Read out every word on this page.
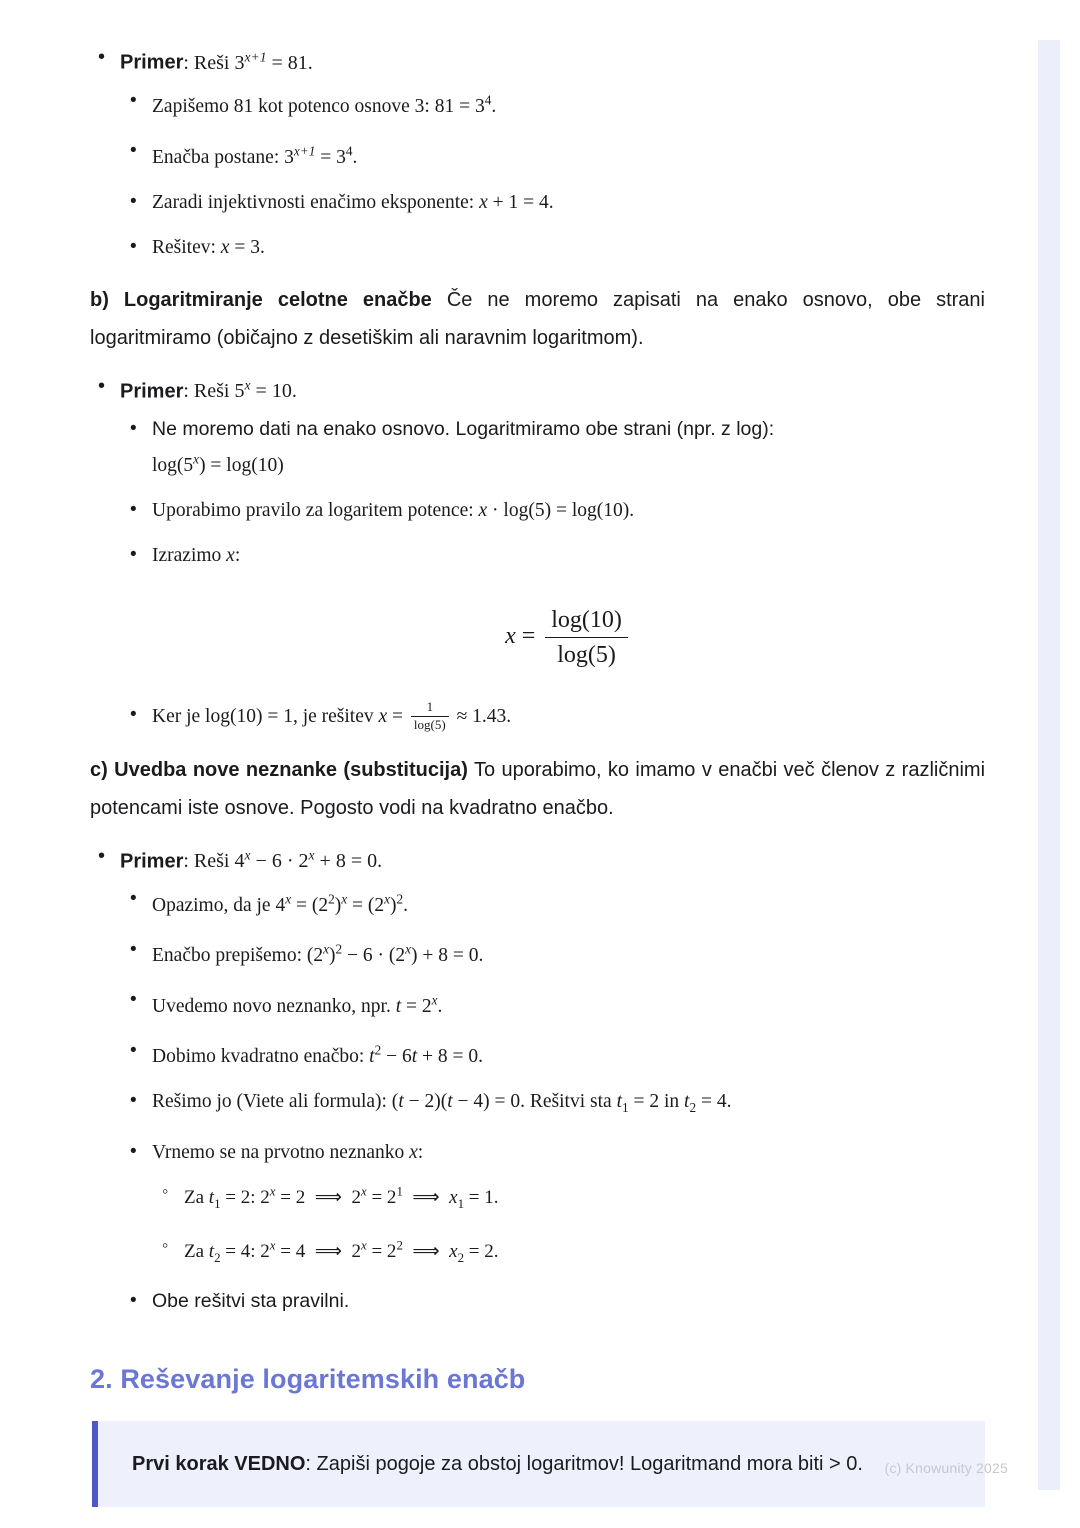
• Primer: Reši $3^{x+1} = 81$.
• Zapišemo 81 kot potenco osnove 3: $81 = 3^4$.
• Enačba postane: $3^{x+1} = 3^4$.
• Zaradi injektivnosti enačimo eksponente: x + 1 = 4.
• Rešitev: x = 3.

b) Logaritmiranje celotne enačbe Če ne moremo zapisati na enako osnovo, obe strani logaritmiramo (običajno z desetiškim ali naravnim logaritmom).

• Primer: Reši $5^x = 10$.
• Ne moremo dati na enako osnovo. Logaritmiramo obe strani (npr. z log):
$\log(5^x) = \log(10)$
• Uporabimo pravilo za logaritem potence: x · log(5) = log(10).
• Izrazimo x:
$x = \frac{\log(10)}{\log(5)}$
• Ker je log(10) = 1, je rešitev $x = \frac{1}{\log(5)} \approx 1.43$.

c) Uvedba nove neznanke (substitucija) To uporabimo, ko imamo v enačbi več členov z različnimi potencami iste osnove. Pogosto vodi na kvadratno enačbo.

• Primer: Reši $4^x - 6 \cdot 2^x + 8 = 0$.
• Opazimo, da je $4^x = (2^2)^x = (2^x)^2$.
• Enačbo prepišemo: $(2^x)^2 - 6 \cdot (2^x) + 8 = 0$.
• Uvedemo novo neznanko, npr. $t = 2^x$.
• Dobimo kvadratno enačbo: $t^2 - 6t + 8 = 0$.
• Rešimo jo (Viete ali formula): (t − 2)(t − 4) = 0. Rešitvi sta $t_1 = 2$ in $t_2 = 4$.
• Vrnemo se na prvotno neznanko x:
◦ Za $t_1 = 2$: $2^x = 2$  ⟹  $2^x = 2^1$  ⟹  $x_1 = 1$.
◦ Za $t_2 = 4$: $2^x = 4$  ⟹  $2^x = 2^2$  ⟹  $x_2 = 2$.
• Obe rešitvi sta pravilni.
2. Reševanje logaritemskih enačb
Prvi korak VEDNO: Zapiši pogoje za obstoj logaritmov! Logaritmand mora biti > 0.	(c) Knowunity 2025
